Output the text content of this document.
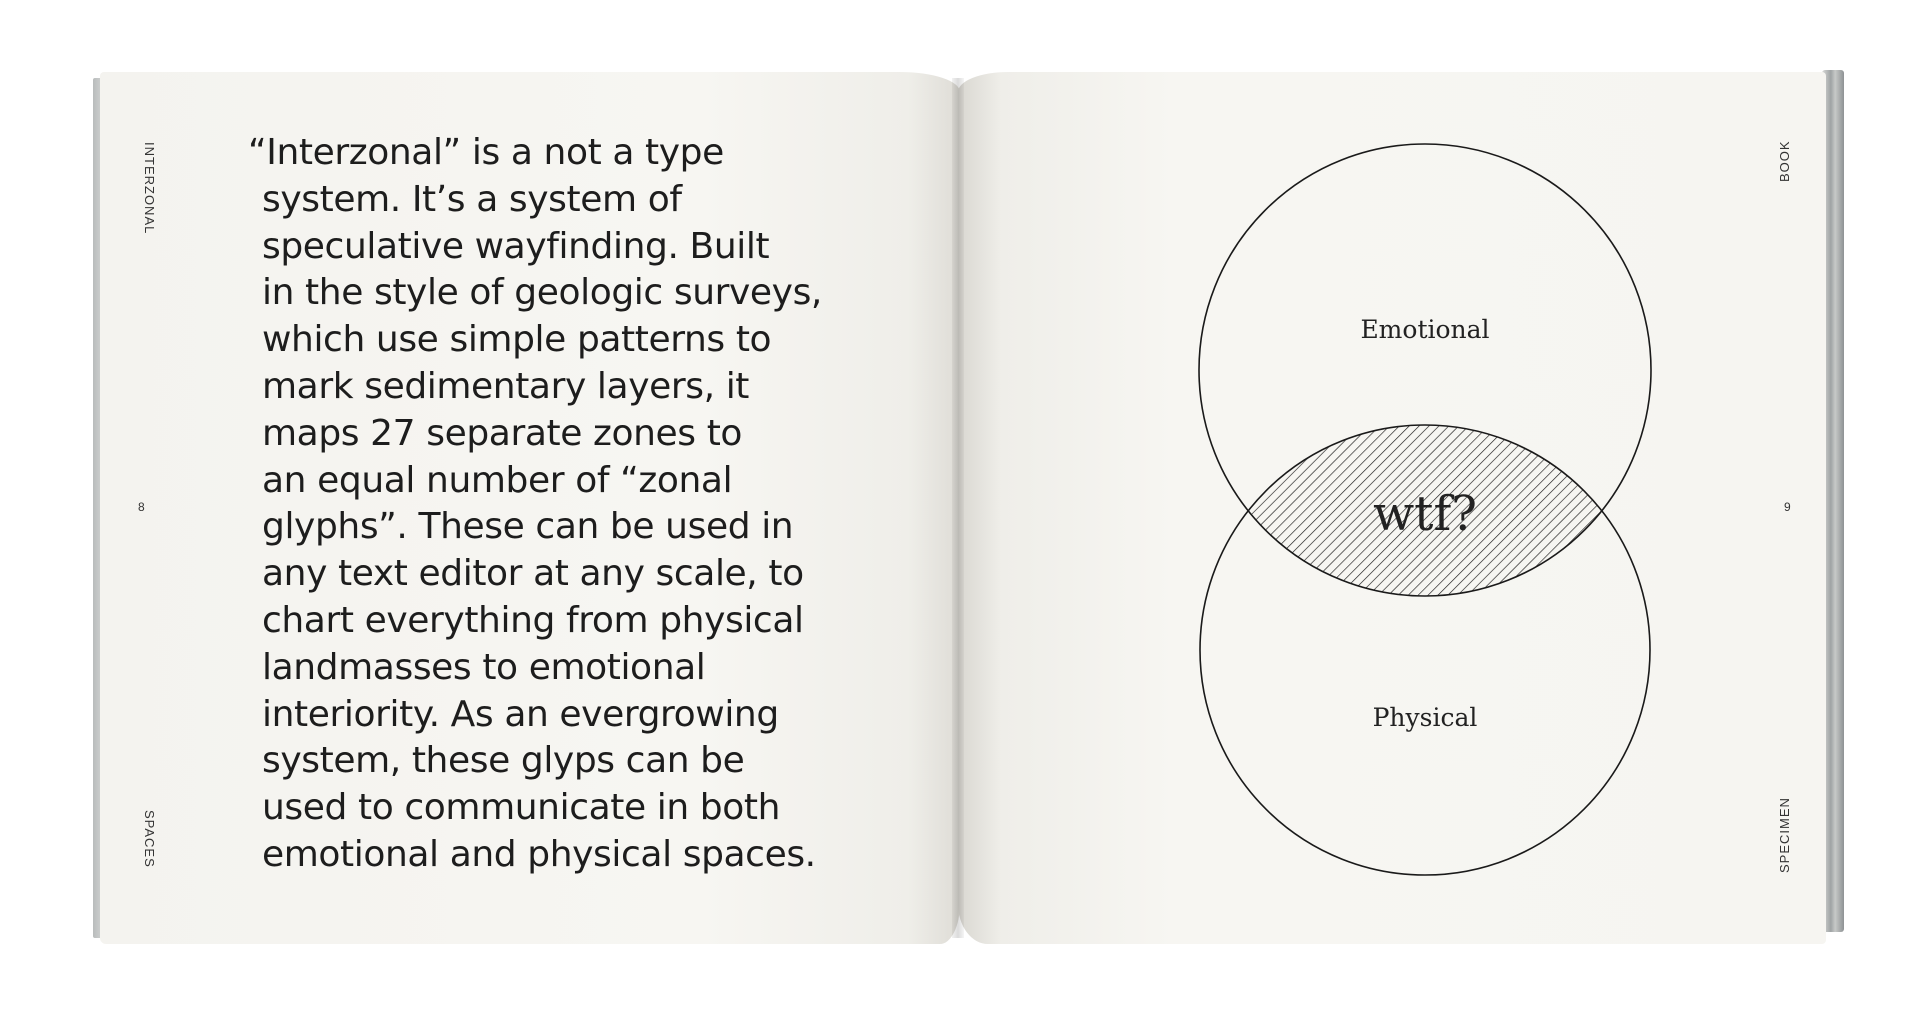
INTERZONAL
SPACES
8
“Interzonal” is a not a type
system. It’s a system of
speculative wayfinding. Built
in the style of geologic surveys,
which use simple patterns to
mark sedimentary layers, it
maps 27 separate zones to
an equal number of “zonal
glyphs”. These can be used in
any text editor at any scale, to
chart everything from physical
landmasses to emotional
interiority. As an evergrowing
system, these glyps can be
used to communicate in both
emotional and physical spaces.
BOOK
SPECIMEN
9
Emotional
wtf?
Physical
